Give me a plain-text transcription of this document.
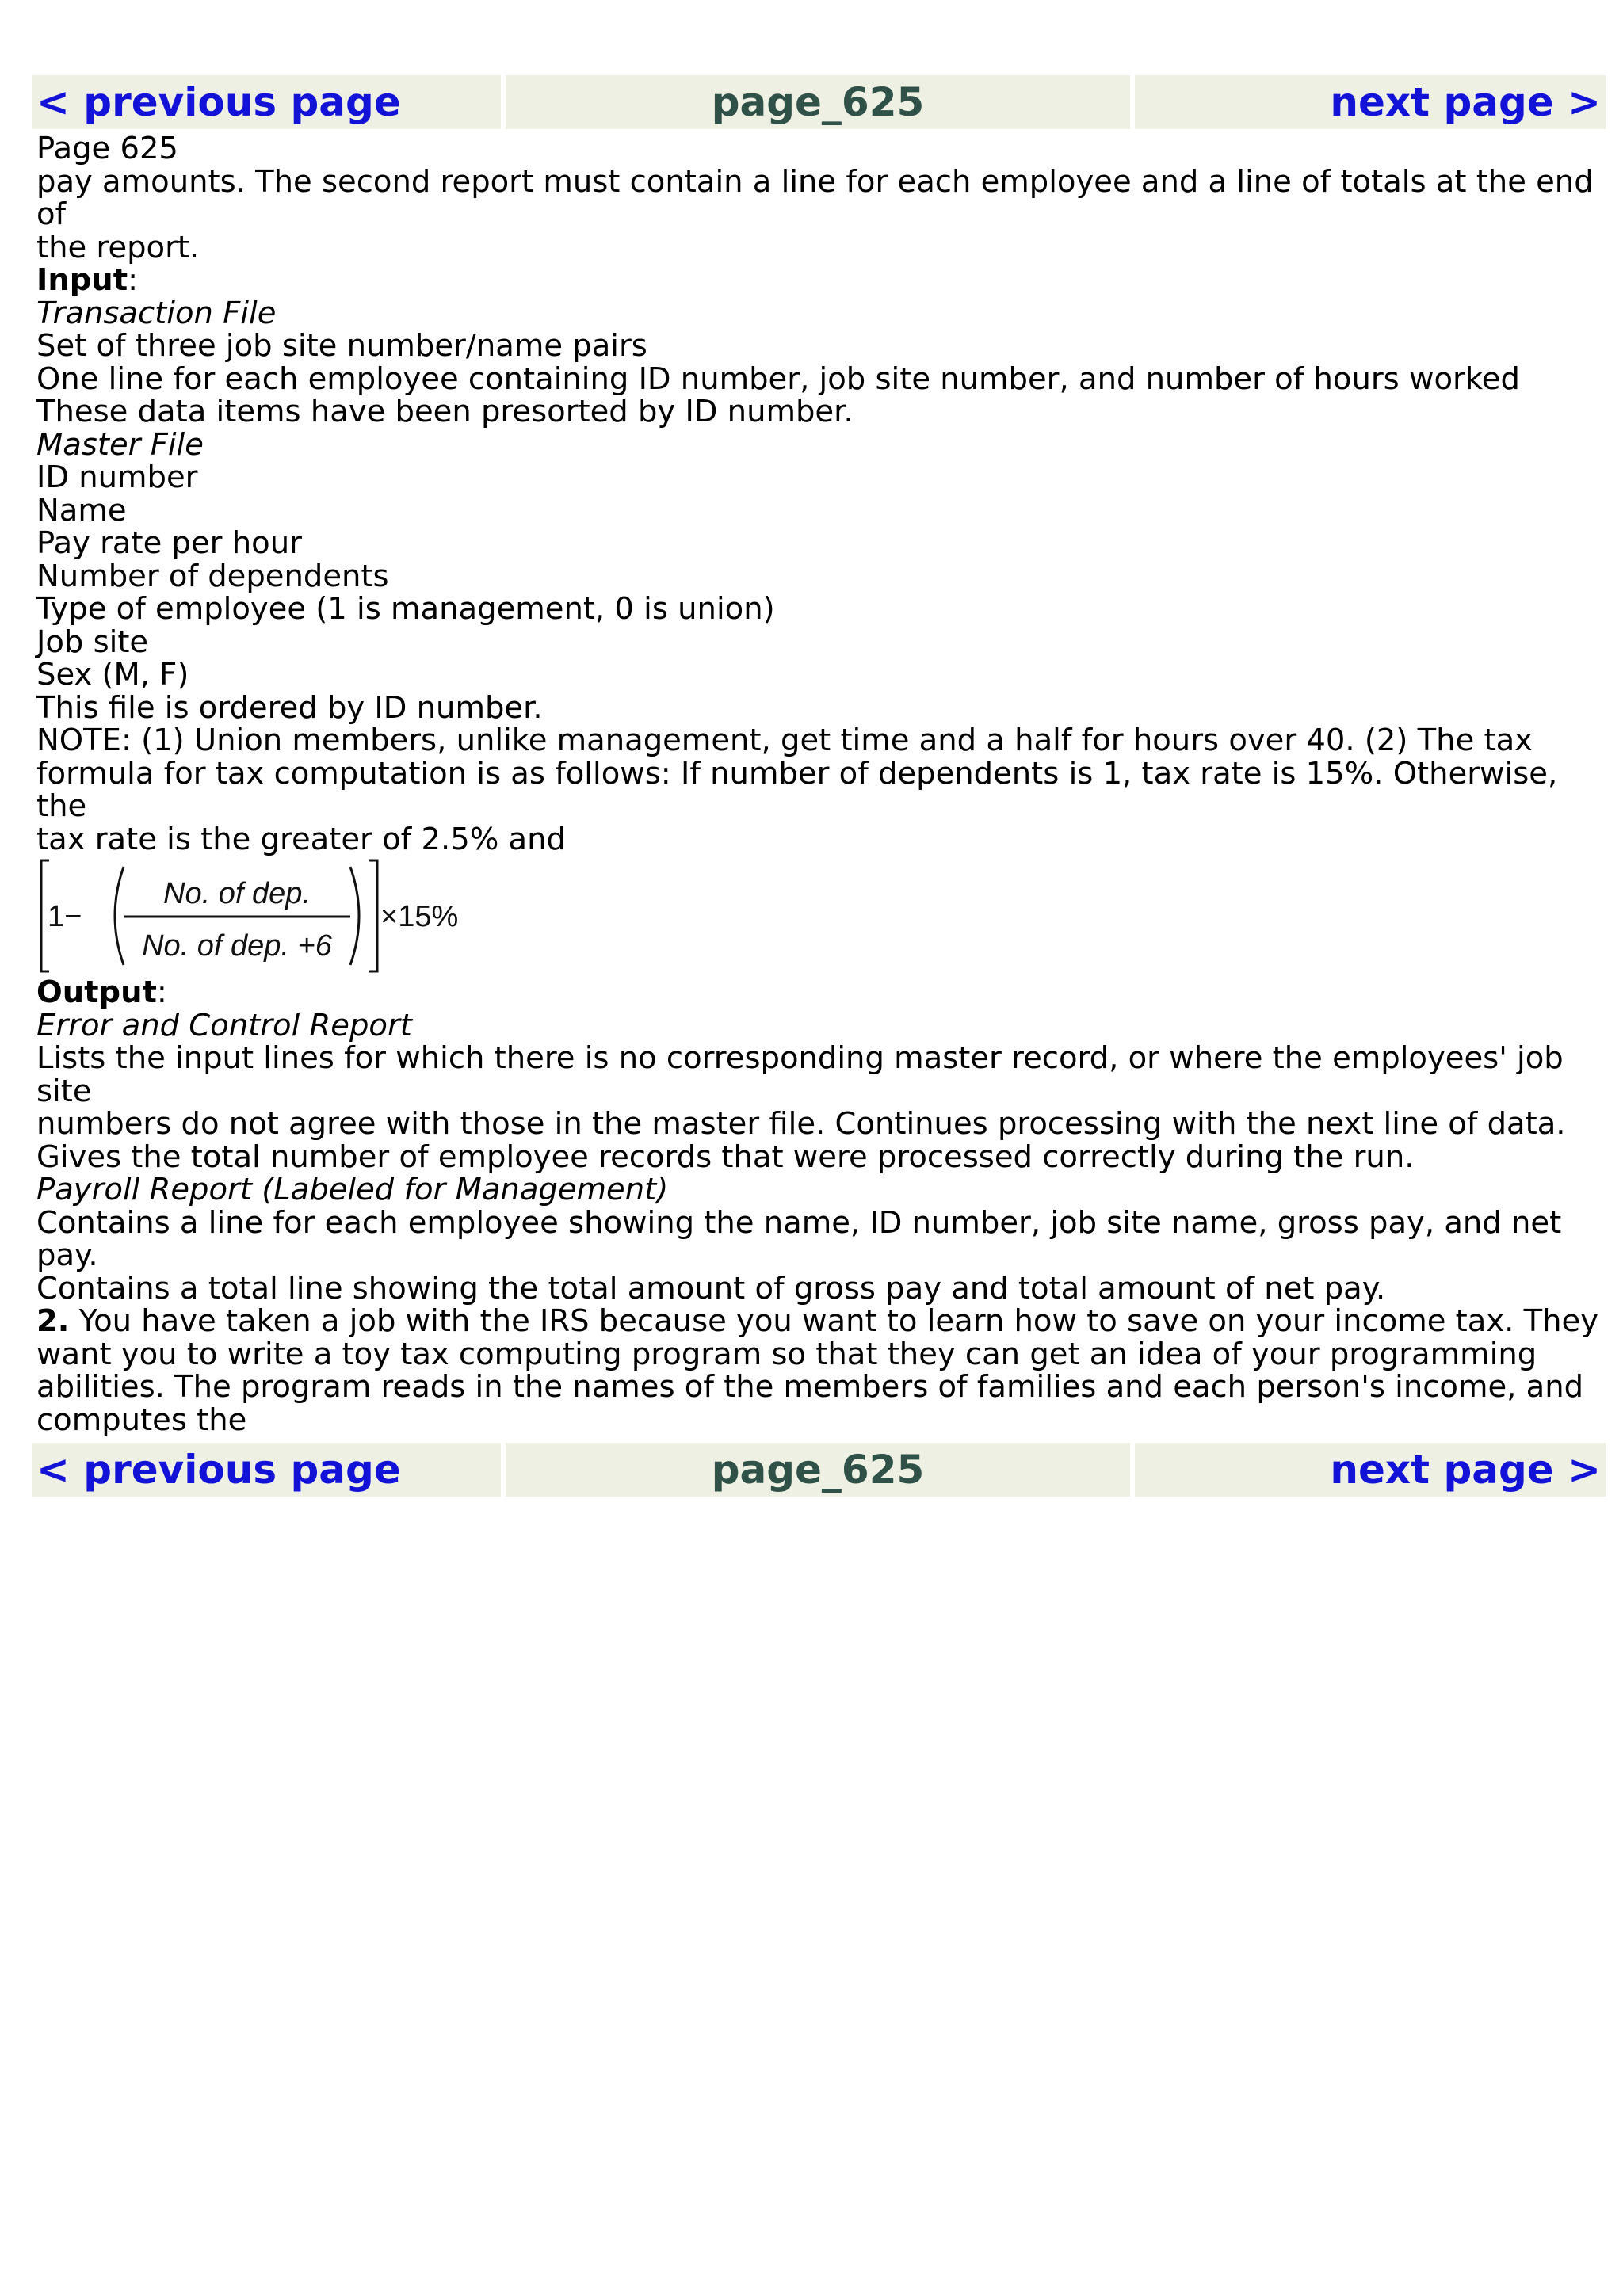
< previous page	page_625	next page >

Page 625

pay amounts. The second report must contain a line for each employee and a line of totals at the end of

the report.

Input:

Transaction File

Set of three job site number/name pairs

One line for each employee containing ID number, job site number, and number of hours worked

These data items have been presorted by ID number.

Master File

ID number

Name

Pay rate per hour

Number of dependents

Type of employee (1 is management, 0 is union)

Job site

Sex (M, F)

This file is ordered by ID number.

NOTE: (1) Union members, unlike management, get time and a half for hours over 40. (2) The tax

formula for tax computation is as follows: If number of dependents is 1, tax rate is 15%. Otherwise, the

tax rate is the greater of 2.5% and

1−
No. of dep.
No. of dep. +6
×15%

Output:

Error and Control Report

Lists the input lines for which there is no corresponding master record, or where the employees' job site

numbers do not agree with those in the master file. Continues processing with the next line of data.

Gives the total number of employee records that were processed correctly during the run.

Payroll Report (Labeled for Management)

Contains a line for each employee showing the name, ID number, job site name, gross pay, and net pay.

Contains a total line showing the total amount of gross pay and total amount of net pay.

2. You have taken a job with the IRS because you want to learn how to save on your income tax. They

want you to write a toy tax computing program so that they can get an idea of your programming

abilities. The program reads in the names of the members of families and each person's income, and

computes the

< previous page	page_625	next page >
